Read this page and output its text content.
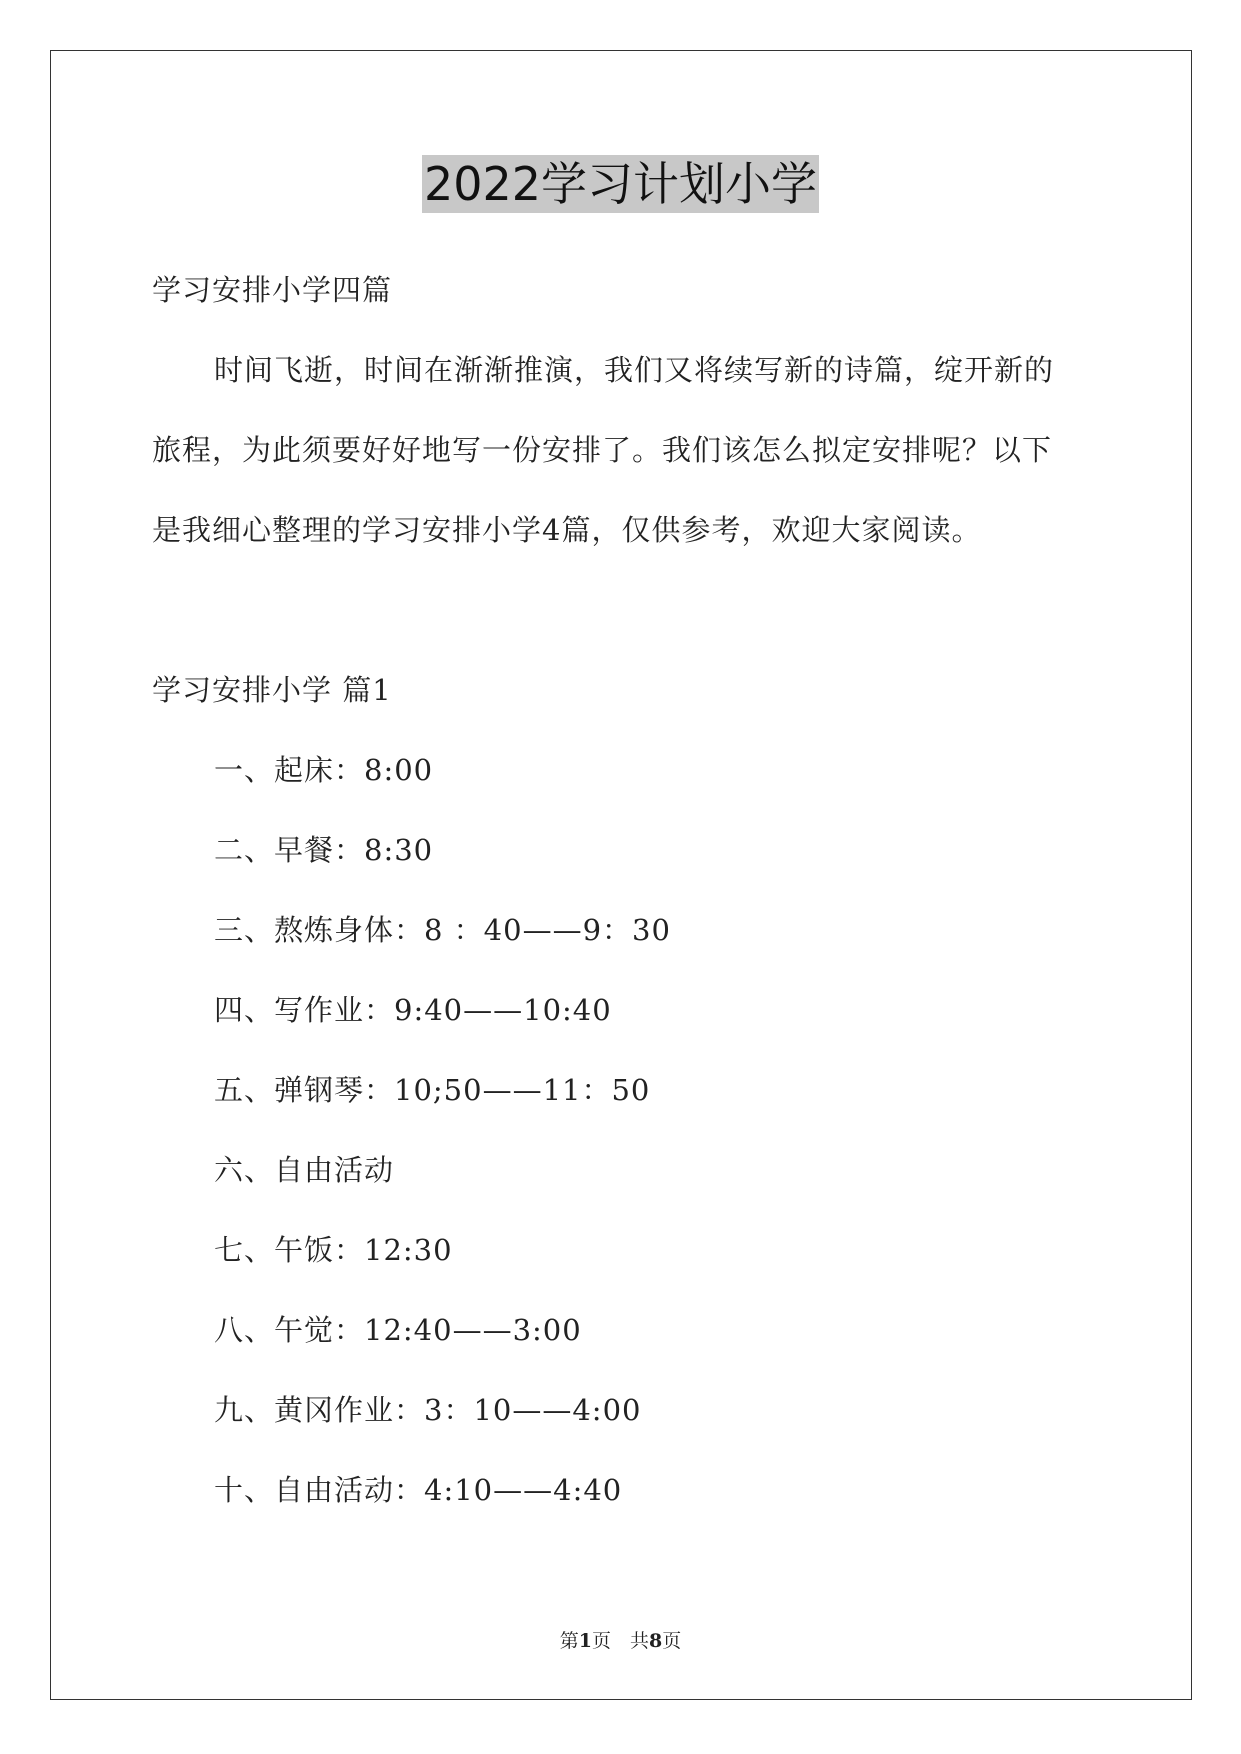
2022学习计划小学
学习安排小学四篇
时间飞逝，时间在渐渐推演，我们又将续写新的诗篇，绽开新的
旅程，为此须要好好地写一份安排了。我们该怎么拟定安排呢？以下
是我细心整理的学习安排小学4篇，仅供参考，欢迎大家阅读。
学习安排小学 篇1
一、起床：8:00
二、早餐：8:30
三、熬炼身体：8 ：40——9：30
四、写作业：9:40——10:40
五、弹钢琴：10;50——11：50
六、自由活动
七、午饭：12:30
八、午觉：12:40——3:00
九、黄冈作业：3：10——4:00
十、自由活动：4:10——4:40
第1页　共8页
